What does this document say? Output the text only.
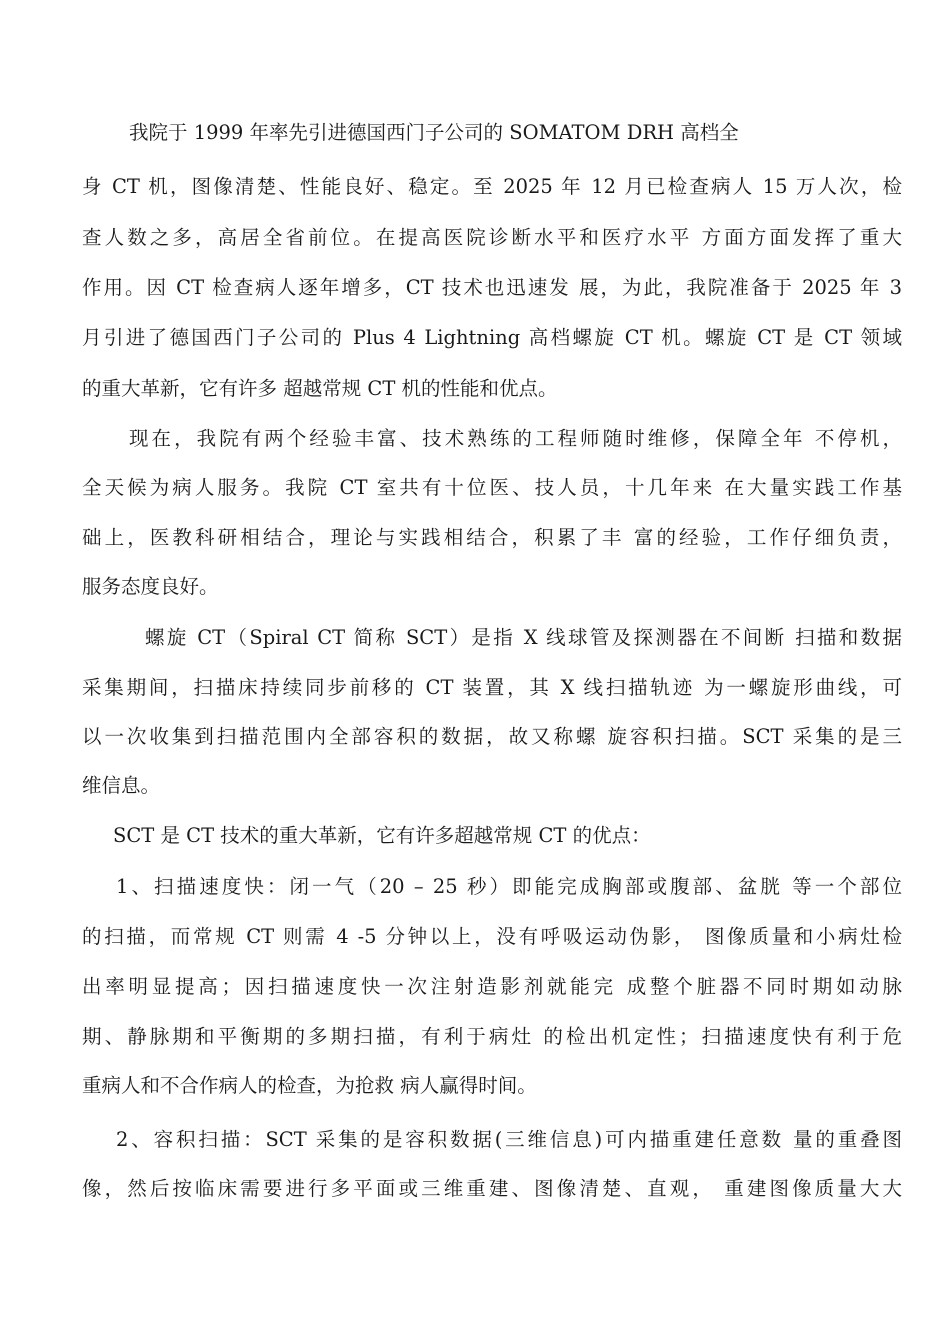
我院于 1999 年率先引进德国西门子公司的 SOMATOM DRH 高档全
身 CT 机，图像清楚、性能良好、稳定。至 2025 年 12 月已检查病人 15 万人次，检
查人数之多，高居全省前位。在提高医院诊断水平和医疗水平 方面方面发挥了重大
作用。因 CT 检查病人逐年增多，CT 技术也迅速发 展，为此，我院准备于 2025 年 3
月引进了德国西门子公司的 Plus 4 Lightning 高档螺旋 CT 机。螺旋 CT 是 CT 领域
的重大革新，它有许多 超越常规 CT 机的性能和优点。
现在，我院有两个经验丰富、技术熟练的工程师随时维修，保障全年 不停机，
全天候为病人服务。我院 CT 室共有十位医、技人员，十几年来 在大量实践工作基
础上，医教科研相结合，理论与实践相结合，积累了丰 富的经验，工作仔细负责，
服务态度良好。
螺旋 CT（Spiral CT 简称 SCT）是指 X 线球管及探测器在不间断 扫描和数据
采集期间，扫描床持续同步前移的 CT 装置，其 X 线扫描轨迹 为一螺旋形曲线，可
以一次收集到扫描范围内全部容积的数据，故又称螺 旋容积扫描。SCT 采集的是三
维信息。
SCT 是 CT 技术的重大革新，它有许多超越常规 CT 的优点：
1、扫描速度快：闭一气（20 – 25 秒）即能完成胸部或腹部、盆胱 等一个部位
的扫描，而常规 CT 则需 4 -5 分钟以上，没有呼吸运动伪影， 图像质量和小病灶检
出率明显提高；因扫描速度快一次注射造影剂就能完 成整个脏器不同时期如动脉
期、静脉期和平衡期的多期扫描，有利于病灶 的检出机定性；扫描速度快有利于危
重病人和不合作病人的检查，为抢救 病人赢得时间。
2、容积扫描：SCT 采集的是容积数据(三维信息)可内描重建任意数 量的重叠图
像，然后按临床需要进行多平面或三维重建、图像清楚、直观， 重建图像质量大大
